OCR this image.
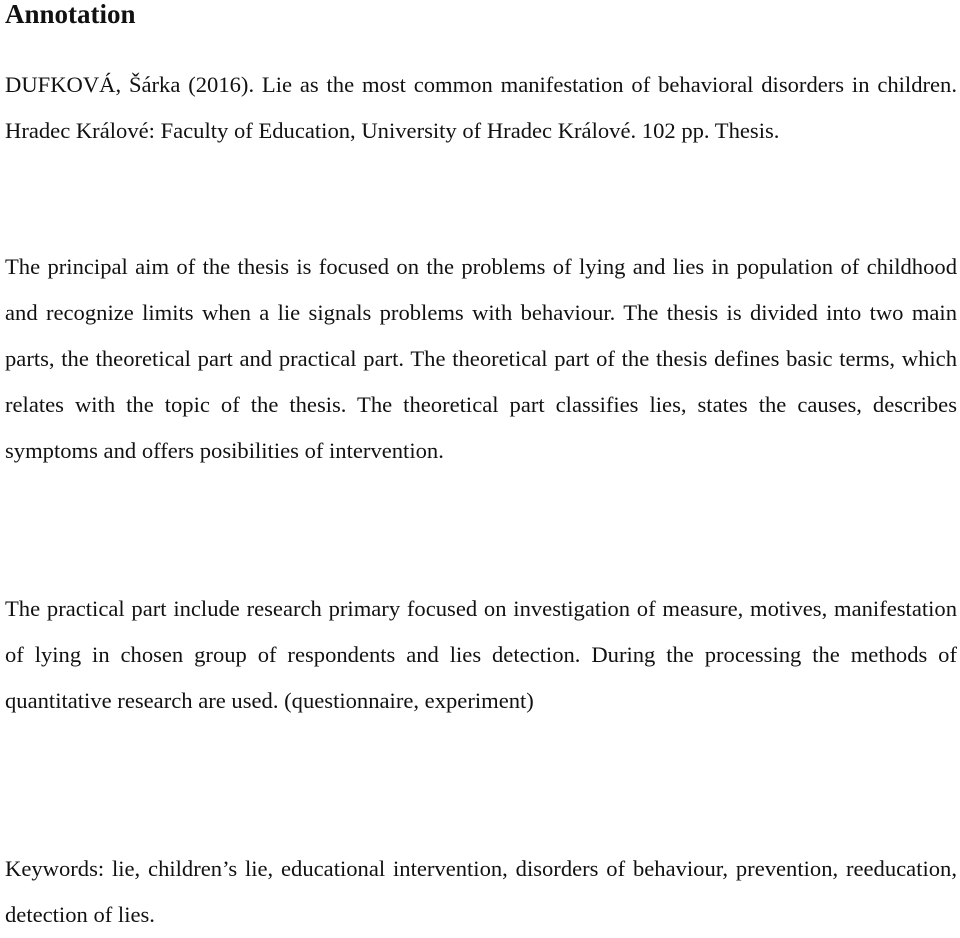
Annotation

DUFKOVÁ, Šárka (2016). Lie as the most common manifestation of behavioral disorders in children. Hradec Králové: Faculty of Education, University of Hradec Králové. 102 pp. Thesis.

The principal aim of the thesis is focused on the problems of lying and lies in population of childhood and recognize limits when a lie signals problems with behaviour. The thesis is divided into two main parts, the theoretical part and practical part. The theoretical part of the thesis defines basic terms, which relates with the topic of the thesis. The theoretical part classifies lies, states the causes, describes symptoms and offers posibilities of intervention.

The practical part include research primary focused on investigation of measure, motives, manifestation of lying in chosen group of respondents and lies detection. During the processing the methods of quantitative research are used. (questionnaire, experiment)

Keywords: lie, children’s lie, educational intervention, disorders of behaviour, prevention, reeducation, detection of lies.
